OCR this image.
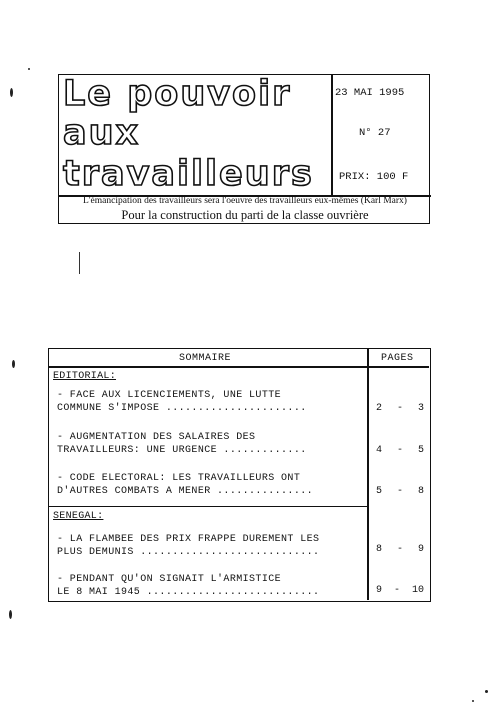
Le pouvoir
aux
travailleurs
23 MAI 1995
N° 27
PRIX: 100 F
L'émancipation des travailleurs sera l'oeuvre des travailleurs eux-mêmes (Karl Marx)
Pour la construction du parti de la classe ouvrière
SOMMAIRE	PAGES
EDITORIAL:
- FACE AUX LICENCIEMENTS, UNE LUTTE
COMMUNE S'IMPOSE ......................	2 - 3
- AUGMENTATION DES SALAIRES DES
TRAVAILLEURS: UNE URGENCE .............	4 - 5
- CODE ELECTORAL: LES TRAVAILLEURS ONT
D'AUTRES COMBATS A MENER ...............	5 - 8
SENEGAL:
- LA FLAMBEE DES PRIX FRAPPE DUREMENT LES
PLUS DEMUNIS ............................	8 - 9
- PENDANT QU'ON SIGNAIT L'ARMISTICE
LE 8 MAI 1945 ...........................	9 - 10
